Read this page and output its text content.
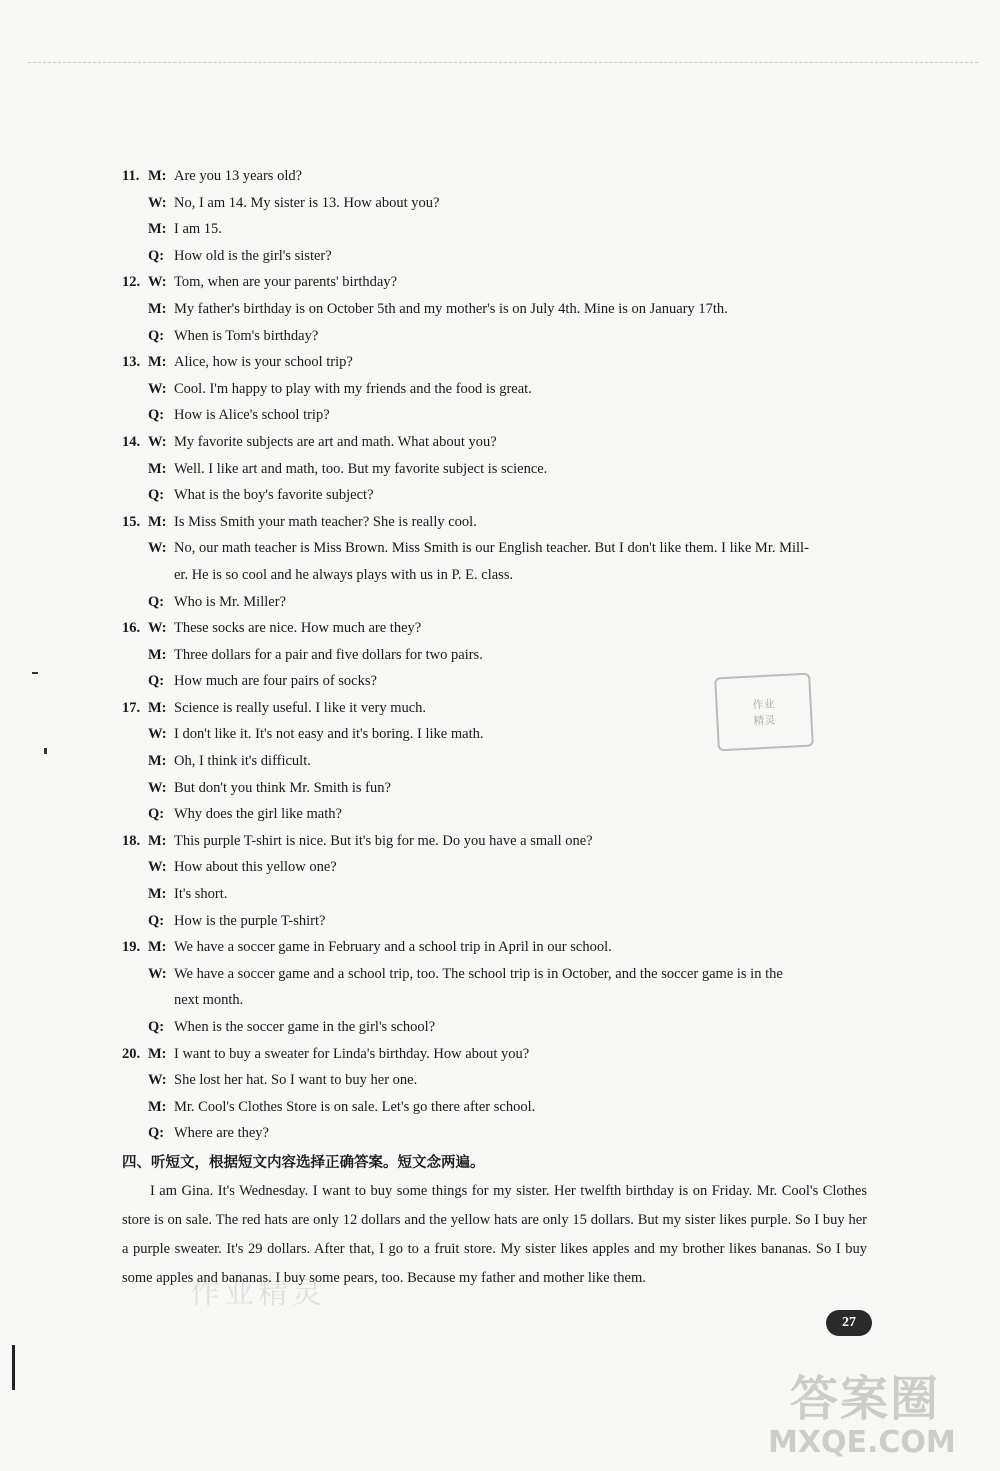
11. M: Are you 13 years old?
W: No, I am 14. My sister is 13. How about you?
M: I am 15.
Q: How old is the girl's sister?
12. W: Tom, when are your parents' birthday?
M: My father's birthday is on October 5th and my mother's is on July 4th. Mine is on January 17th.
Q: When is Tom's birthday?
13. M: Alice, how is your school trip?
W: Cool. I'm happy to play with my friends and the food is great.
Q: How is Alice's school trip?
14. W: My favorite subjects are art and math. What about you?
M: Well. I like art and math, too. But my favorite subject is science.
Q: What is the boy's favorite subject?
15. M: Is Miss Smith your math teacher? She is really cool.
W: No, our math teacher is Miss Brown. Miss Smith is our English teacher. But I don't like them. I like Mr. Mill-
er. He is so cool and he always plays with us in P. E. class.
Q: Who is Mr. Miller?
16. W: These socks are nice. How much are they?
M: Three dollars for a pair and five dollars for two pairs.
Q: How much are four pairs of socks?
17. M: Science is really useful. I like it very much.
W: I don't like it. It's not easy and it's boring. I like math.
M: Oh, I think it's difficult.
W: But don't you think Mr. Smith is fun?
Q: Why does the girl like math?
18. M: This purple T-shirt is nice. But it's big for me. Do you have a small one?
W: How about this yellow one?
M: It's short.
Q: How is the purple T-shirt?
19. M: We have a soccer game in February and a school trip in April in our school.
W: We have a soccer game and a school trip, too. The school trip is in October, and the soccer game is in the
next month.
Q: When is the soccer game in the girl's school?
20. M: I want to buy a sweater for Linda's birthday. How about you?
W: She lost her hat. So I want to buy her one.
M: Mr. Cool's Clothes Store is on sale. Let's go there after school.
Q: Where are they?
四、听短文，根据短文内容选择正确答案。短文念两遍。
I am Gina. It's Wednesday. I want to buy some things for my sister. Her twelfth birthday is on Friday. Mr. Cool's Clothes store is on sale. The red hats are only 12 dollars and the yellow hats are only 15 dollars. But my sister likes purple. So I buy her a purple sweater. It's 29 dollars. After that, I go to a fruit store. My sister likes apples and my brother likes bananas. So I buy some apples and bananas. I buy some pears, too. Because my father and mother like them.
作业
精灵
作业精灵
27
答案圈
MXQE.COM
